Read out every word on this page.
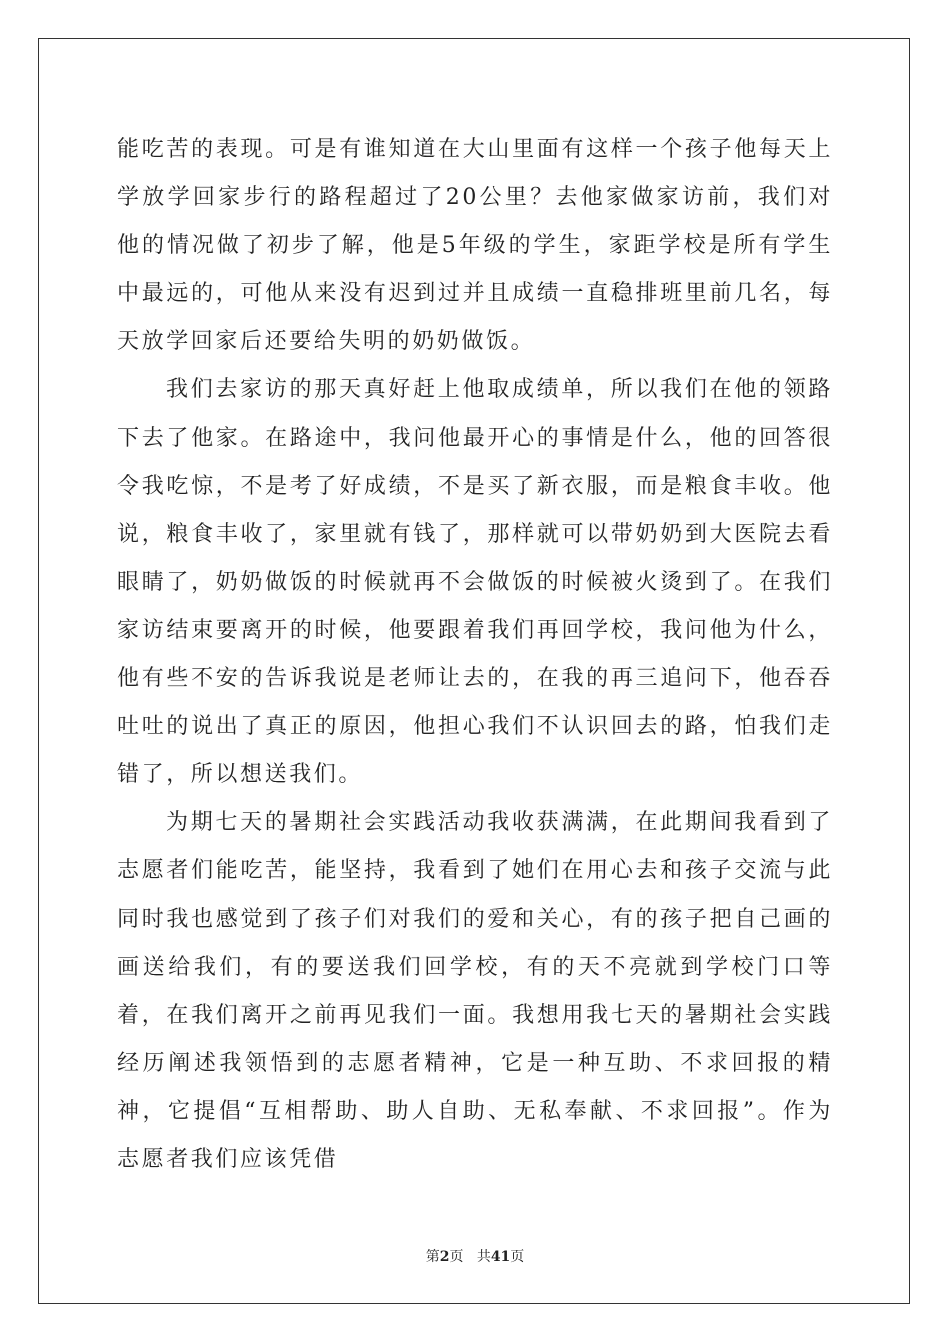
能吃苦的表现。可是有谁知道在大山里面有这样一个孩子他每天上学放学回家步行的路程超过了20公里？去他家做家访前，我们对他的情况做了初步了解，他是5年级的学生，家距学校是所有学生中最远的，可他从来没有迟到过并且成绩一直稳排班里前几名，每天放学回家后还要给失明的奶奶做饭。

我们去家访的那天真好赶上他取成绩单，所以我们在他的领路下去了他家。在路途中，我问他最开心的事情是什么，他的回答很令我吃惊，不是考了好成绩，不是买了新衣服，而是粮食丰收。他说，粮食丰收了，家里就有钱了，那样就可以带奶奶到大医院去看眼睛了，奶奶做饭的时候就再不会做饭的时候被火烫到了。在我们家访结束要离开的时候，他要跟着我们再回学校，我问他为什么，他有些不安的告诉我说是老师让去的，在我的再三追问下，他吞吞吐吐的说出了真正的原因，他担心我们不认识回去的路，怕我们走错了，所以想送我们。

为期七天的暑期社会实践活动我收获满满，在此期间我看到了志愿者们能吃苦，能坚持，我看到了她们在用心去和孩子交流与此同时我也感觉到了孩子们对我们的爱和关心，有的孩子把自己画的画送给我们，有的要送我们回学校，有的天不亮就到学校门口等着，在我们离开之前再见我们一面。我想用我七天的暑期社会实践经历阐述我领悟到的志愿者精神，它是一种互助、不求回报的精神，它提倡“互相帮助、助人自助、无私奉献、不求回报”。作为志愿者我们应该凭借

第2页 共41页
